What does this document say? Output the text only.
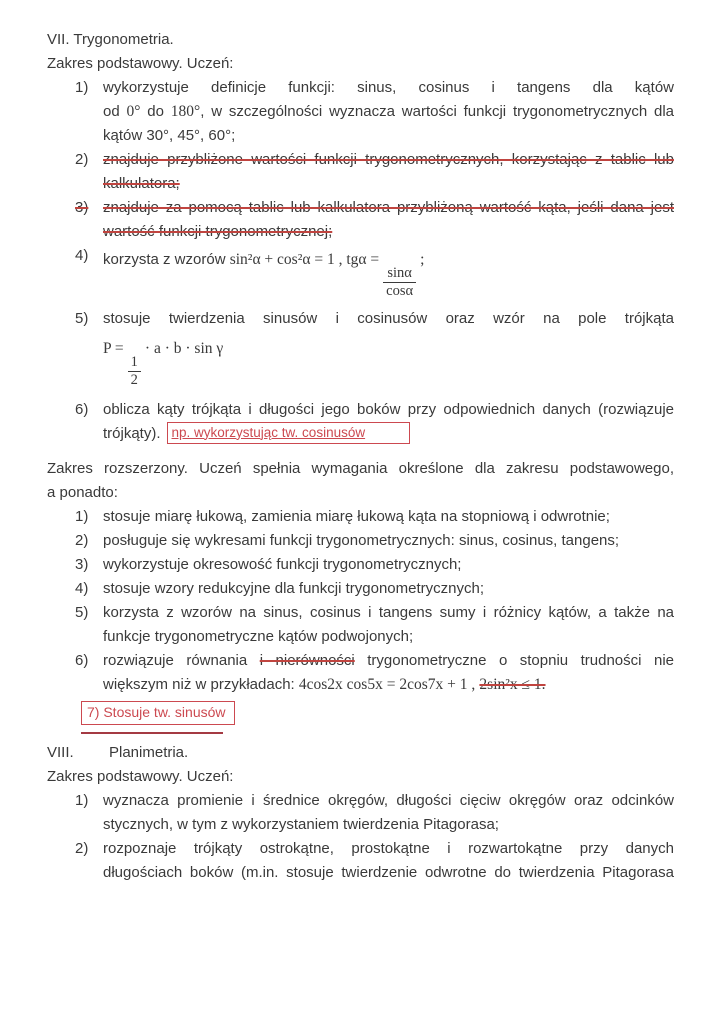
VII. Trygonometria.
Zakres podstawowy. Uczeń:
1) wykorzystuje definicje funkcji: sinus, cosinus i tangens dla kątów
od 0° do 180°, w szczególności wyznacza wartości funkcji trygonometrycznych dla
kątów 30°, 45°, 60°;
2) znajduje przybliżone wartości funkcji trygonometrycznych, korzystając z tablic lub
kalkulatora;
3) znajduje za pomocą tablic lub kalkulatora przybliżoną wartość kąta, jeśli dana jest
wartość funkcji trygonometrycznej;
4) korzysta z wzorów sin²α + cos²α = 1 , tgα =
$\frac{\sin\alpha}{\cos\alpha}$
;
5) stosuje twierdzenia sinusów i cosinusów oraz wzór na pole trójkąta
P =
$\frac{1}{2}$
· a · b · sin γ
6) oblicza kąty trójkąta i długości jego boków przy odpowiednich danych (rozwiązuje
trójkąty). np. wykorzystując tw. cosinusów
Zakres rozszerzony. Uczeń spełnia wymagania określone dla zakresu podstawowego,
a ponadto:
1) stosuje miarę łukową, zamienia miarę łukową kąta na stopniową i odwrotnie;
2) posługuje się wykresami funkcji trygonometrycznych: sinus, cosinus, tangens;
3) wykorzystuje okresowość funkcji trygonometrycznych;
4) stosuje wzory redukcyjne dla funkcji trygonometrycznych;
5) korzysta z wzorów na sinus, cosinus i tangens sumy i różnicy kątów, a także na
funkcje trygonometryczne kątów podwojonych;
6) rozwiązuje równania i nierówności trygonometryczne o stopniu trudności nie
większym niż w przykładach: 4cos2x cos5x = 2cos7x + 1 , 2sin²x ≤ 1.
7) Stosuje tw. sinusów
VIII. Planimetria.
Zakres podstawowy. Uczeń:
1) wyznacza promienie i średnice okręgów, długości cięciw okręgów oraz odcinków
stycznych, w tym z wykorzystaniem twierdzenia Pitagorasa;
2) rozpoznaje trójkąty ostrokątne, prostokątne i rozwartokątne przy danych
długościach boków (m.in. stosuje twierdzenie odwrotne do twierdzenia Pitagorasa
